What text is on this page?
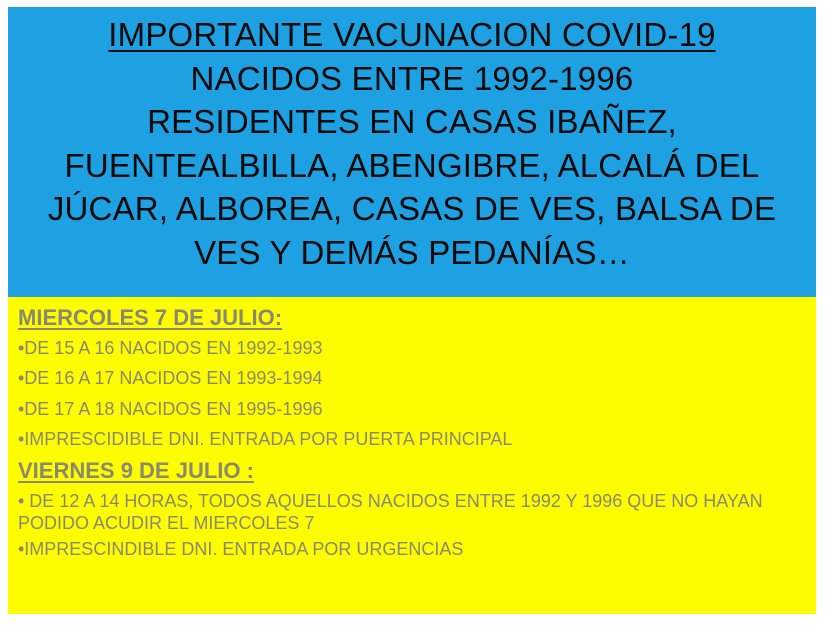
IMPORTANTE VACUNACION COVID-19
NACIDOS ENTRE 1992-1996
RESIDENTES EN CASAS IBAÑEZ,
FUENTEALBILLA, ABENGIBRE, ALCALÁ DEL
JÚCAR, ALBOREA, CASAS DE VES, BALSA DE
VES Y DEMÁS PEDANÍAS…
MIERCOLES 7 DE JULIO:
•DE 15 A 16 NACIDOS EN 1992-1993
•DE 16 A 17 NACIDOS EN 1993-1994
•DE 17 A 18 NACIDOS EN 1995-1996
•IMPRESCIDIBLE DNI. ENTRADA POR PUERTA PRINCIPAL
VIERNES 9 DE JULIO :
• DE 12 A 14 HORAS, TODOS AQUELLOS NACIDOS ENTRE 1992 Y 1996 QUE NO HAYAN PODIDO ACUDIR EL MIERCOLES 7
•IMPRESCINDIBLE DNI. ENTRADA POR URGENCIAS
